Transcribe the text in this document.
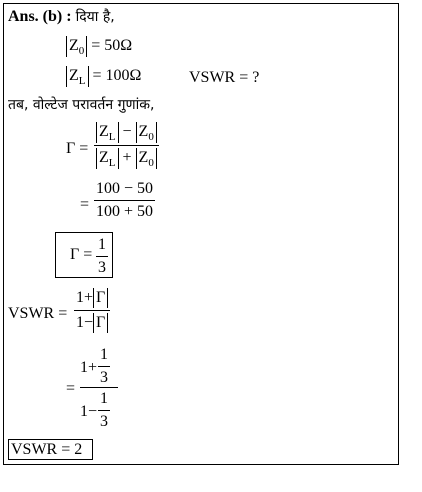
Ans. (b) : दिया है,
$Z_0 = 50\Omega$
$Z_L = 100\Omega$	VSWR = ?
तब, वोल्टेज परावर्तन गुणांक,
$\Gamma = \frac{Z_L - Z_0}{Z_L + Z_0}$
= $\frac{100 - 50}{100 + 50}$
$\Gamma = \frac{1}{3}$
VSWR = $\frac{1+ \Gamma}{1- \Gamma}$
=
$1+ \frac{1}{3}$
$1- \frac{1}{3}$
VSWR = 2
